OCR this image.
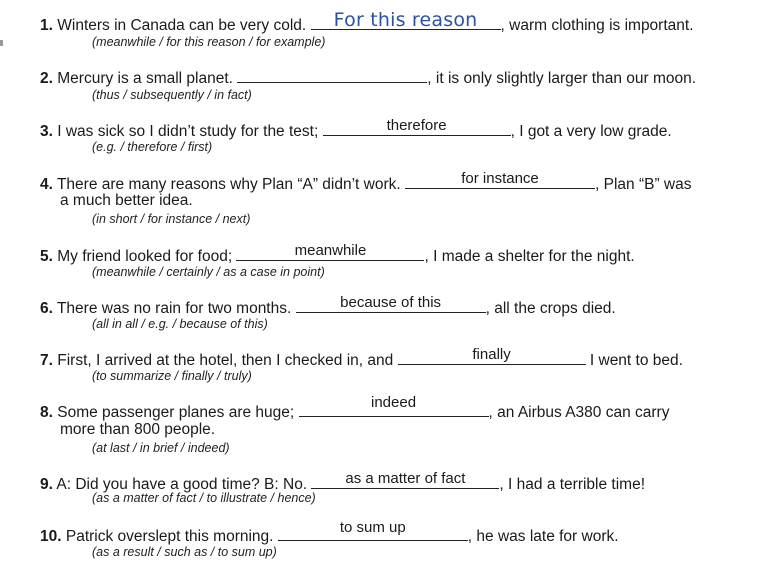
1. Winters in Canada can be very cold.	For this reason	, warm clothing is important.
(meanwhile / for this reason / for example)
2. Mercury is a small planet.	, it is only slightly larger than our moon.
(thus / subsequently / in fact)
3. I was sick so I didn’t study for the test;	therefore	, I got a very low grade.
(e.g. / therefore / first)
4. There are many reasons why Plan “A” didn’t work.	for instance	, Plan “B” was
a much better idea.
(in short / for instance / next)
5. My friend looked for food;	meanwhile	, I made a shelter for the night.
(meanwhile / certainly / as a case in point)
6. There was no rain for two months.	because of this	, all the crops died.
(all in all / e.g. / because of this)
7. First, I arrived at the hotel, then I checked in, and	finally	I went to bed.
(to summarize / finally / truly)
8. Some passenger planes are huge;
indeed
, an Airbus A380 can carry
more than 800 people.
(at last / in brief / indeed)
9. A: Did you have a good time? B: No.	as a matter of fact	, I had a terrible time!
(as a matter of fact / to illustrate / hence)
10. Patrick overslept this morning.
to sum up
, he was late for work.
(as a result / such as / to sum up)
